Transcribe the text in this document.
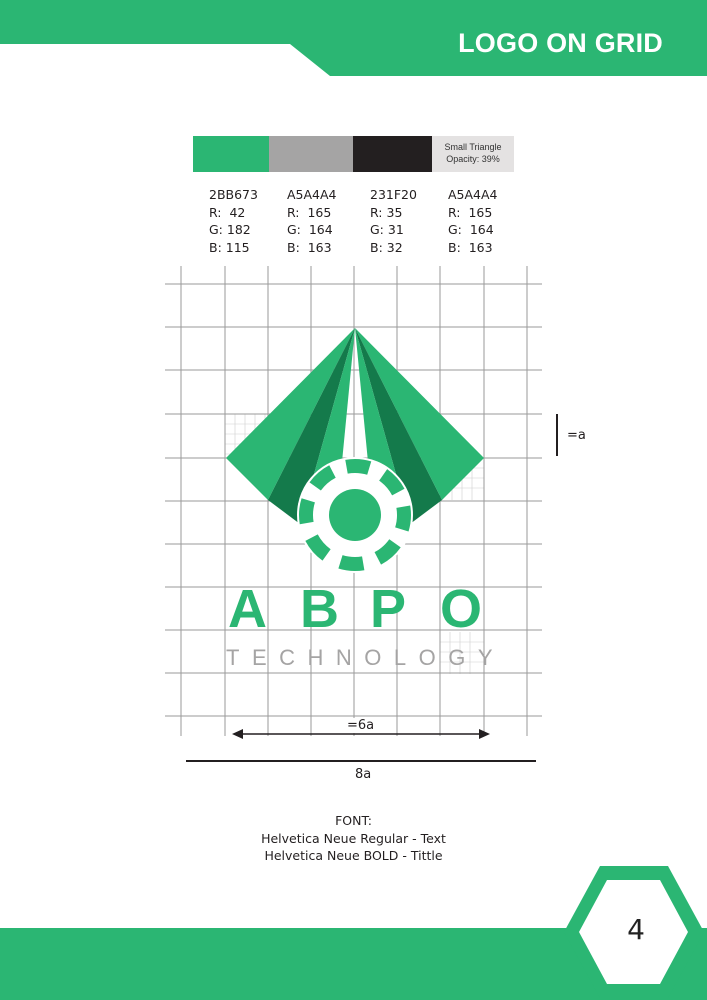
LOGO ON GRID
Small Triangle
Opacity: 39%
2BB673
R:  42
G: 182
B: 115
A5A4A4
R:  165
G:  164
B:  163
231F20
R: 35
G: 31
B: 32
A5A4A4
R:  165
G:  164
B:  163
A B P O
TECHNOLOGY
=a
=6a
8a
FONT:
Helvetica Neue Regular - Text
Helvetica Neue BOLD - Tittle
4
